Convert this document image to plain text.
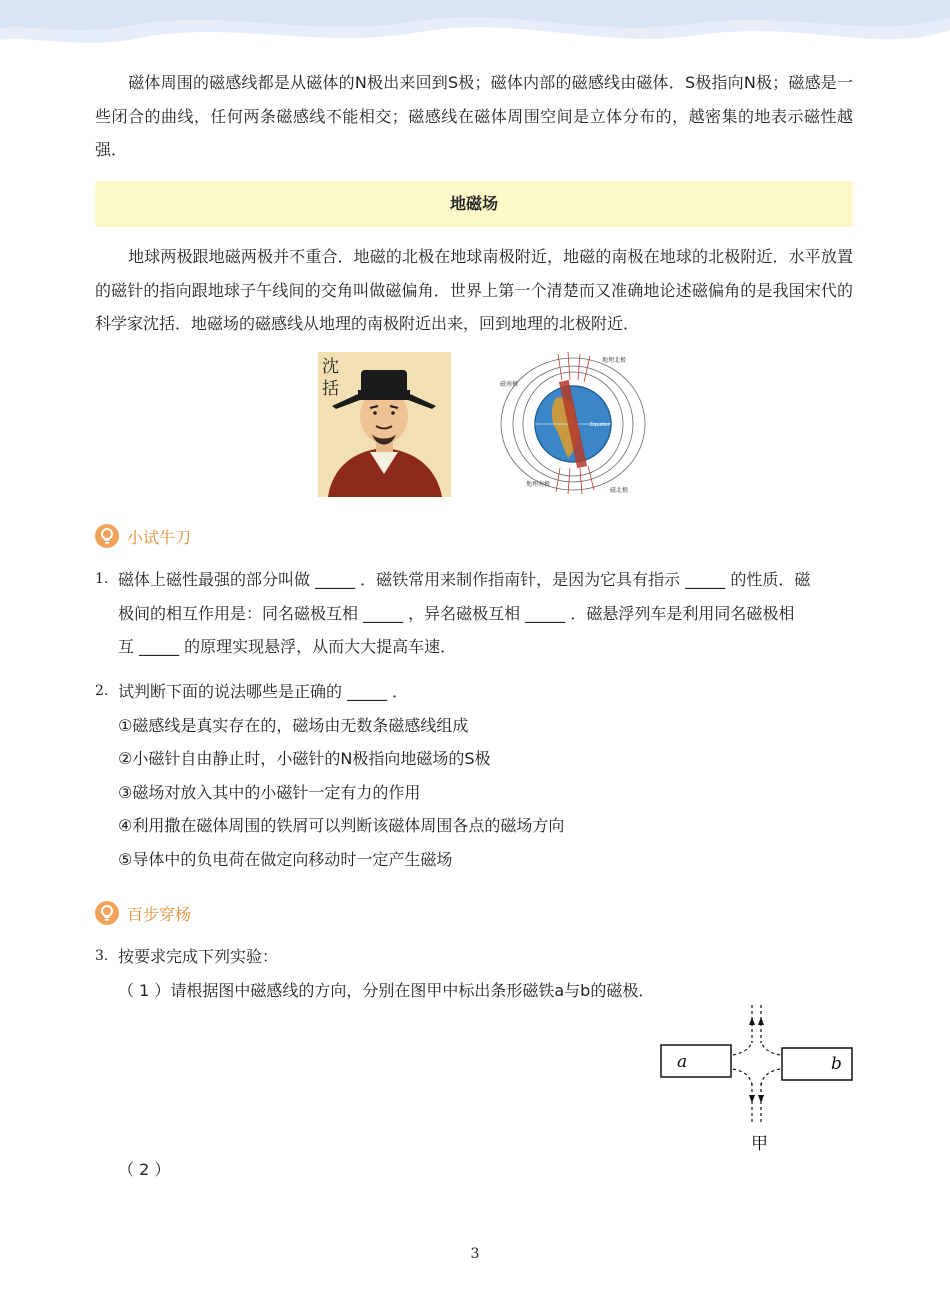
磁体周围的磁感线都是从磁体的N极出来回到S极；磁体内部的磁感线由磁体．S极指向N极；磁感是一些闭合的曲线，任何两条磁感线不能相交；磁感线在磁体周围空间是立体分布的，越密集的地表示磁性越强．
地磁场
地球两极跟地磁两极并不重合．地磁的北极在地球南极附近，地磁的南极在地球的北极附近．水平放置的磁针的指向跟地球子午线间的交角叫做磁偏角．世界上第一个清楚而又准确地论述磁偏角的是我国宋代的科学家沈括．地磁场的磁感线从地理的南极附近出来，回到地理的北极附近．
沈
括
地理北极
磁南极
Equator
地理南极
磁北极
小试牛刀
1. 磁体上磁性最强的部分叫做 _____ ．磁铁常用来制作指南针，是因为它具有指示 _____ 的性质．磁
极间的相互作用是：同名磁极互相 _____ ，异名磁极互相 _____ ．磁悬浮列车是利用同名磁极相
互 _____ 的原理实现悬浮，从而大大提高车速．
2. 试判断下面的说法哪些是正确的 _____ ．
①磁感线是真实存在的，磁场由无数条磁感线组成
②小磁针自由静止时，小磁针的N极指向地磁场的S极
③磁场对放入其中的小磁针一定有力的作用
④利用撒在磁体周围的铁屑可以判断该磁体周围各点的磁场方向
⑤导体中的负电荷在做定向移动时一定产生磁场
百步穿杨
3. 按要求完成下列实验：
（ 1 ）请根据图中磁感线的方向，分别在图甲中标出条形磁铁a与b的磁极．
（ 2 ）
a	b
甲
3
